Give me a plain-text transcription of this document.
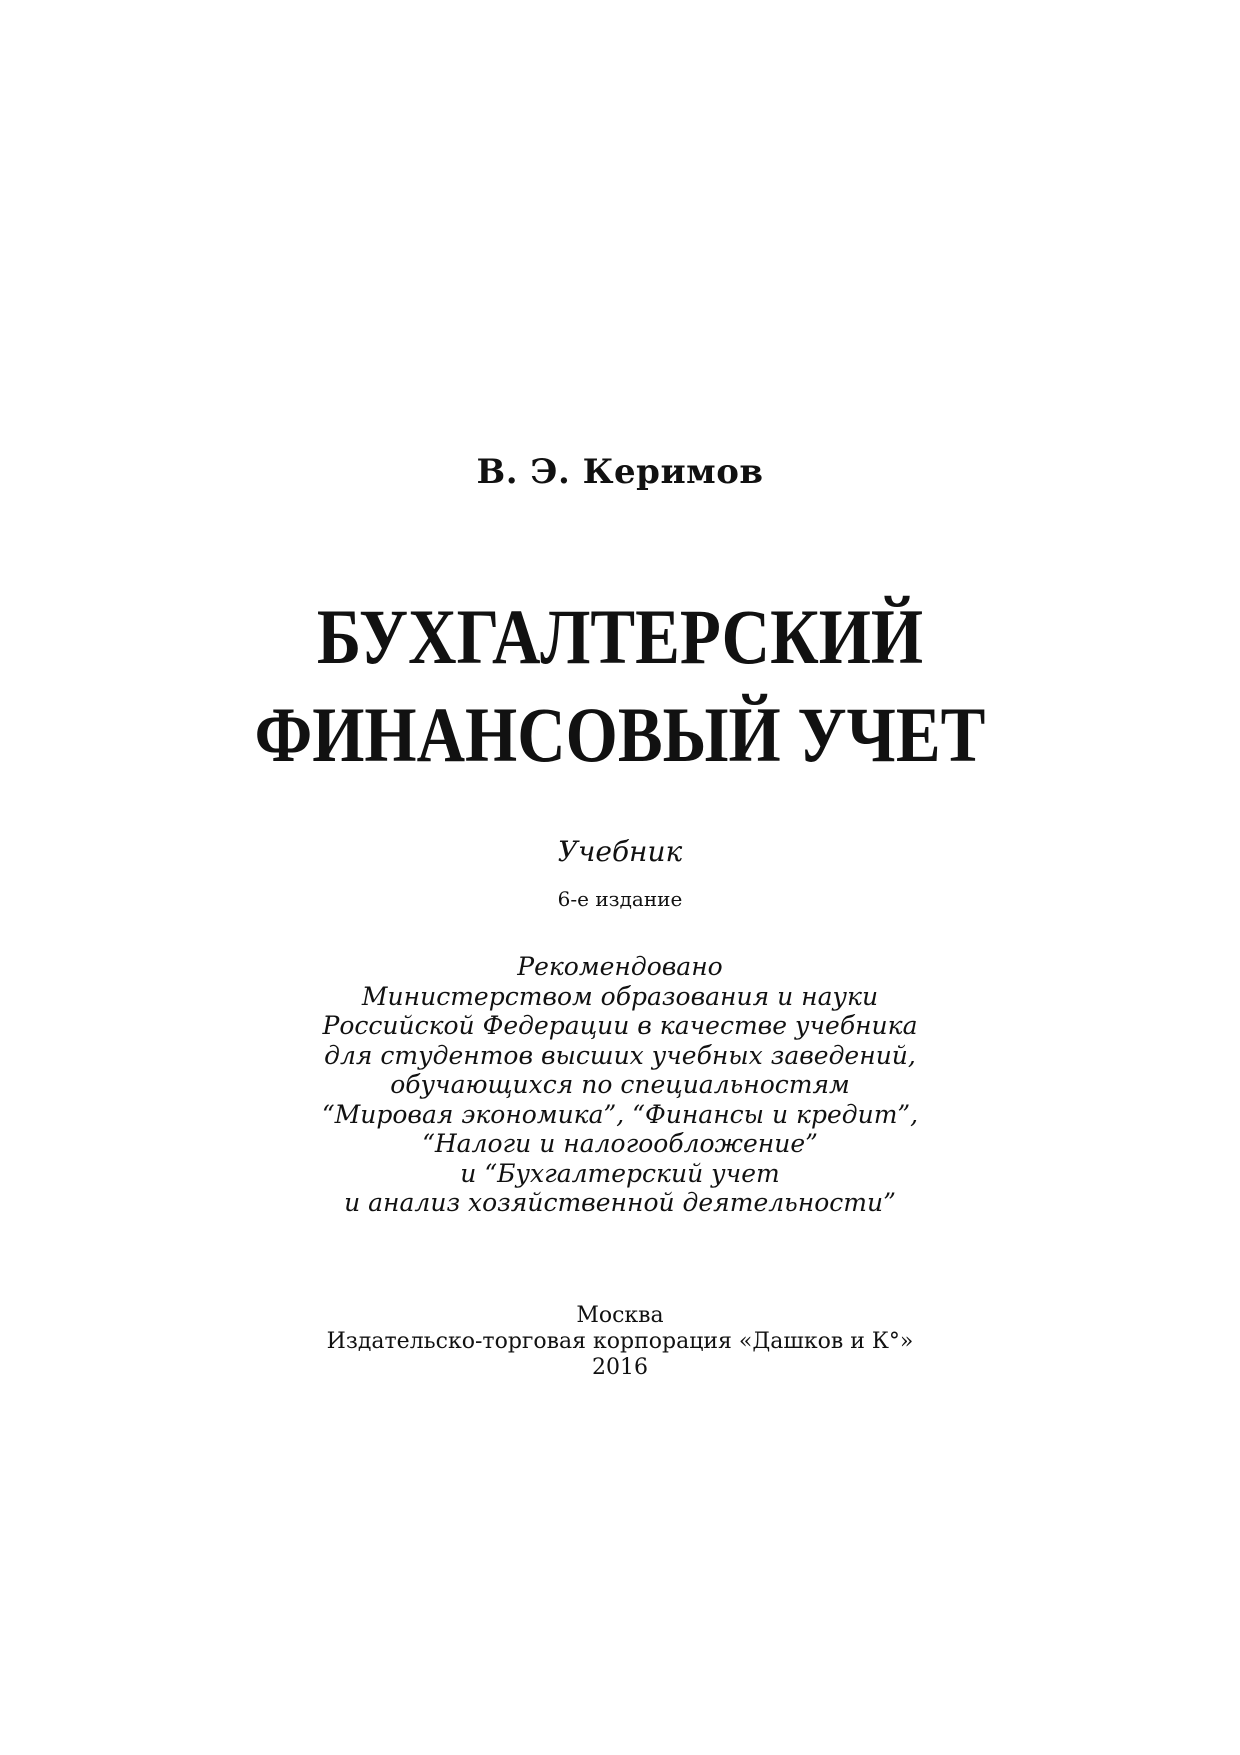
В. Э. Керимов
БУХГАЛТЕРСКИЙ
ФИНАНСОВЫЙ УЧЕТ
Учебник
6-е издание
Рекомендовано
Министерством образования и науки
Российской Федерации в качестве учебника
для студентов высших учебных заведений,
обучающихся по специальностям
“Мировая экономика”, “Финансы и кредит”,
“Налоги и налогообложение”
и “Бухгалтерский учет
и анализ хозяйственной деятельности”
Москва
Издательско-торговая корпорация «Дашков и К°»
2016
